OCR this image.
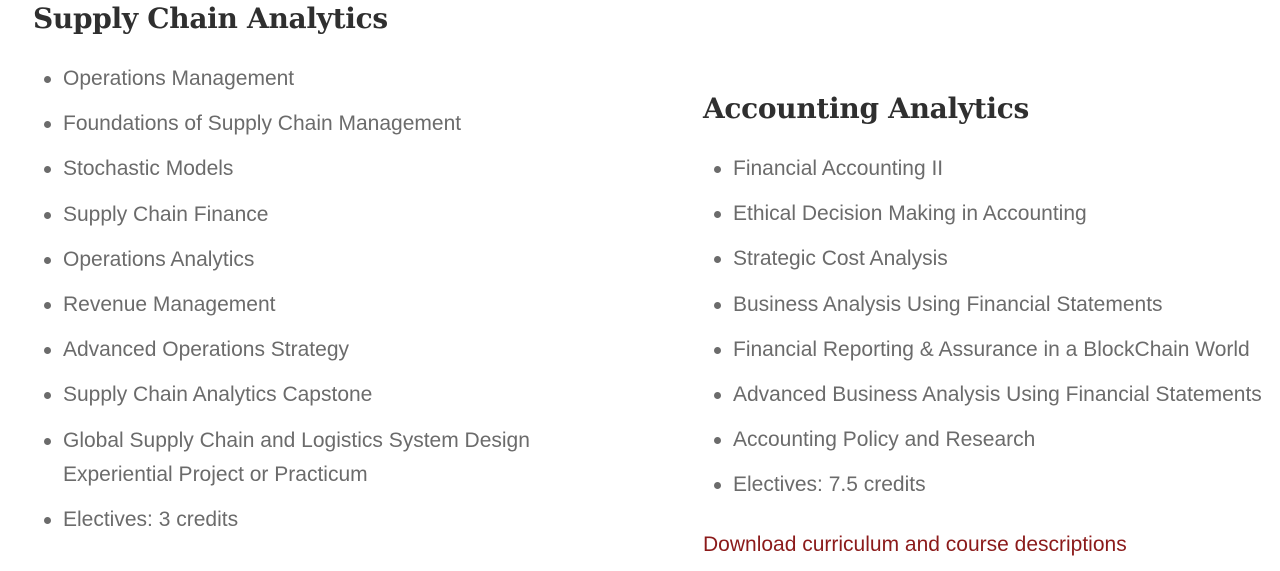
Supply Chain Analytics
Operations Management
Foundations of Supply Chain Management
Stochastic Models
Supply Chain Finance
Operations Analytics
Revenue Management
Advanced Operations Strategy
Supply Chain Analytics Capstone
Global Supply Chain and Logistics System Design Experiential Project or Practicum
Electives: 3 credits
Accounting Analytics
Financial Accounting II
Ethical Decision Making in Accounting
Strategic Cost Analysis
Business Analysis Using Financial Statements
Financial Reporting & Assurance in a BlockChain World
Advanced Business Analysis Using Financial Statements
Accounting Policy and Research
Electives: 7.5 credits
Download curriculum and course descriptions
